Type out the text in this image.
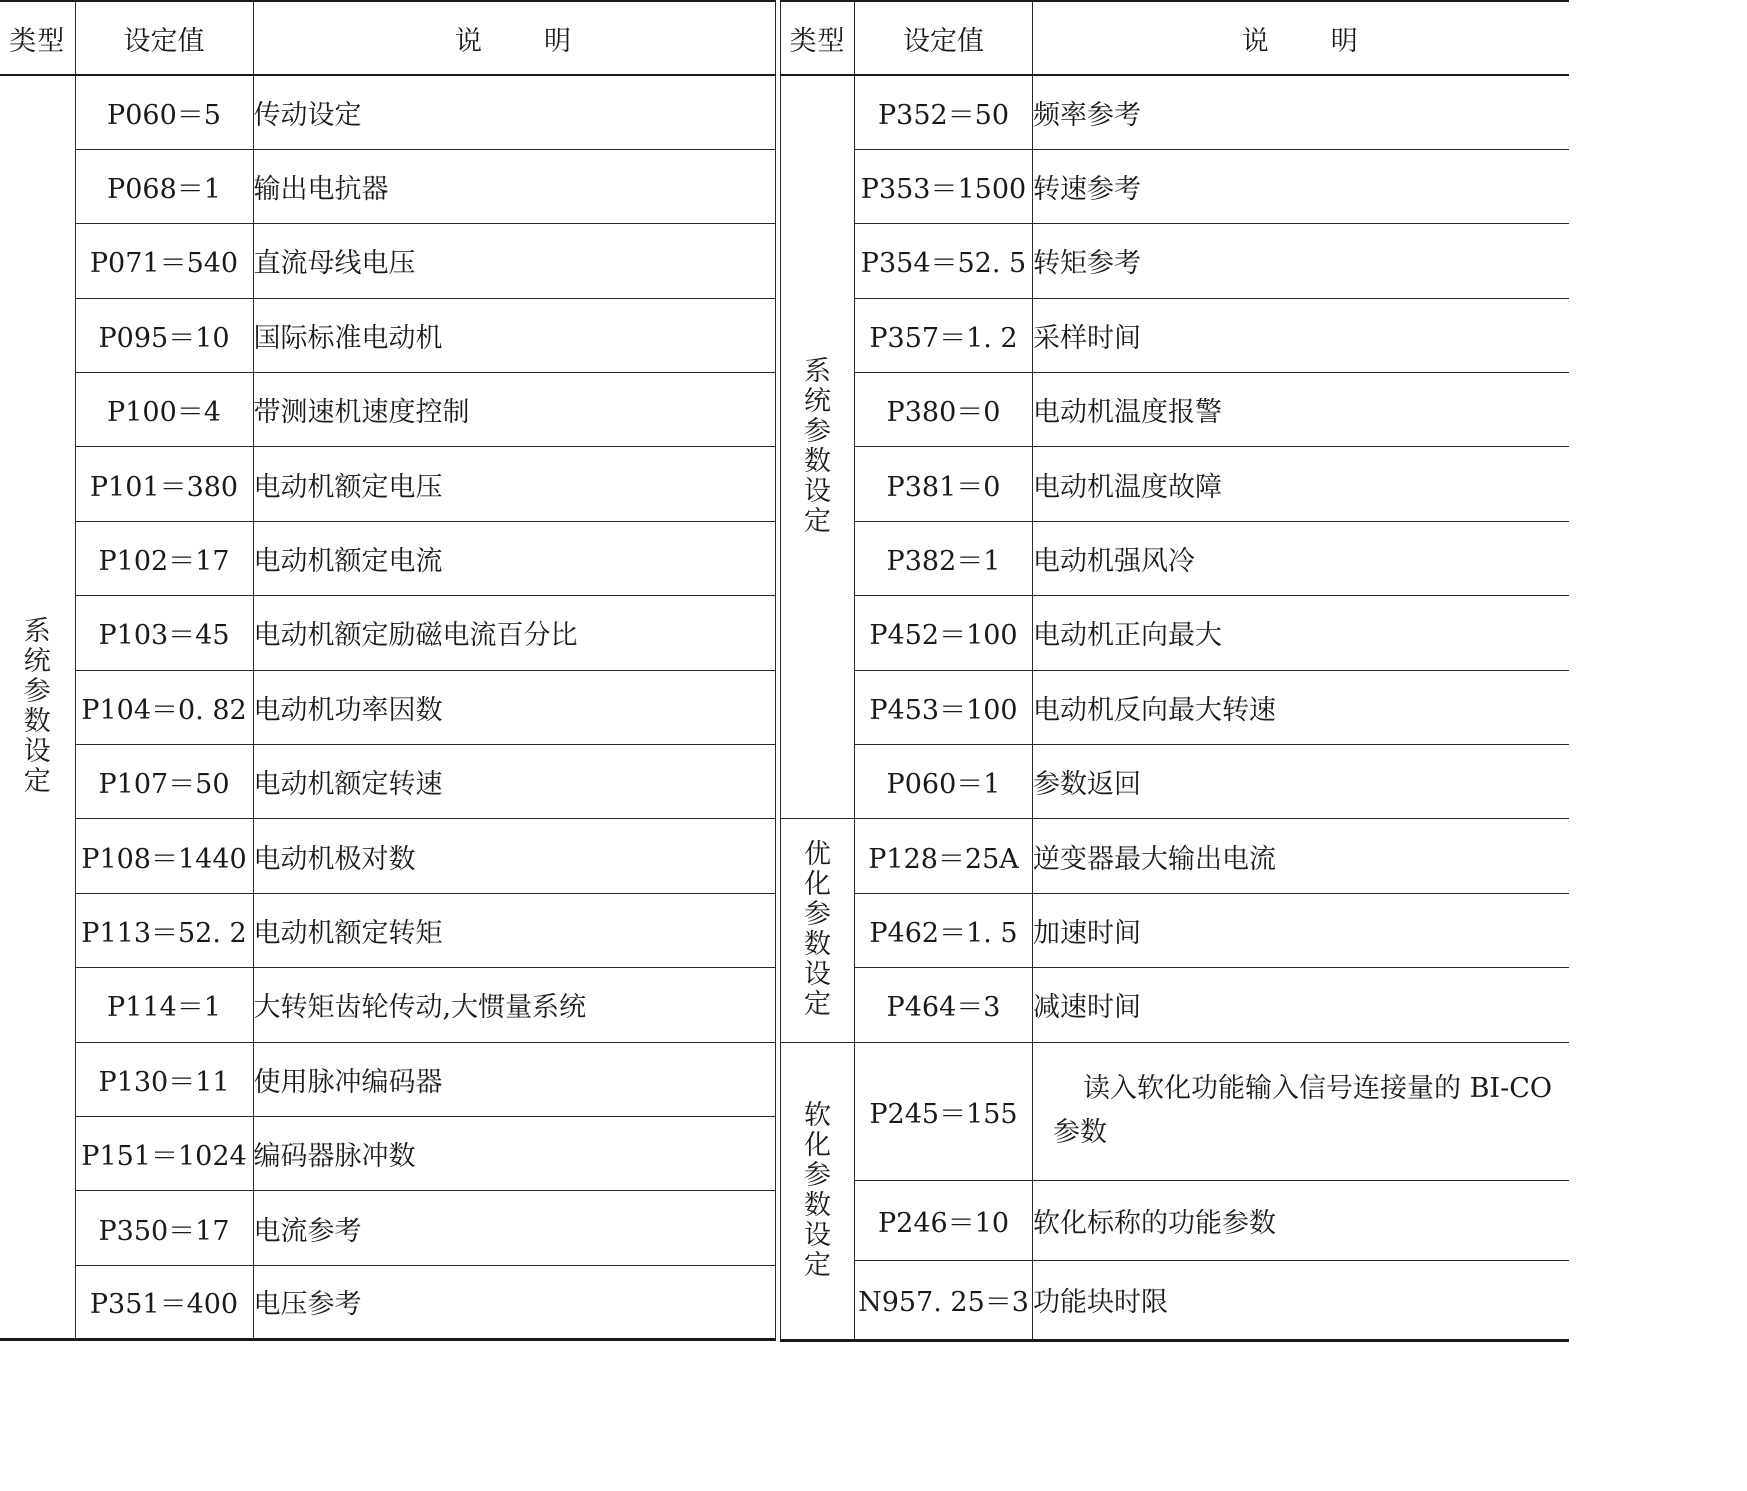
类型	设定值	说 明
系统参数设定	P060＝5	传动设定
	P068＝1	输出电抗器
	P071＝540	直流母线电压
	P095＝10	国际标准电动机
	P100＝4	带测速机速度控制
	P101＝380	电动机额定电压
	P102＝17	电动机额定电流
	P103＝45	电动机额定励磁电流百分比
	P104＝0. 82	电动机功率因数
	P107＝50	电动机额定转速
	P108＝1440	电动机极对数
	P113＝52. 2	电动机额定转矩
	P114＝1	大转矩齿轮传动,大惯量系统
	P130＝11	使用脉冲编码器
	P151＝1024	编码器脉冲数
	P350＝17	电流参考
	P351＝400	电压参考
类型	设定值	说 明
系统参数设定	P352＝50	频率参考
	P353＝1500	转速参考
	P354＝52. 5	转矩参考
	P357＝1. 2	采样时间
	P380＝0	电动机温度报警
	P381＝0	电动机温度故障
	P382＝1	电动机强风冷
	P452＝100	电动机正向最大
	P453＝100	电动机反向最大转速
	P060＝1	参数返回
优化参数设定	P128＝25A	逆变器最大输出电流
	P462＝1. 5	加速时间
	P464＝3	减速时间
软化参数设定	P245＝155	读入软化功能输入信号连接量的 BI-CO 参数
	P246＝10	软化标称的功能参数
	N957. 25＝3	功能块时限
